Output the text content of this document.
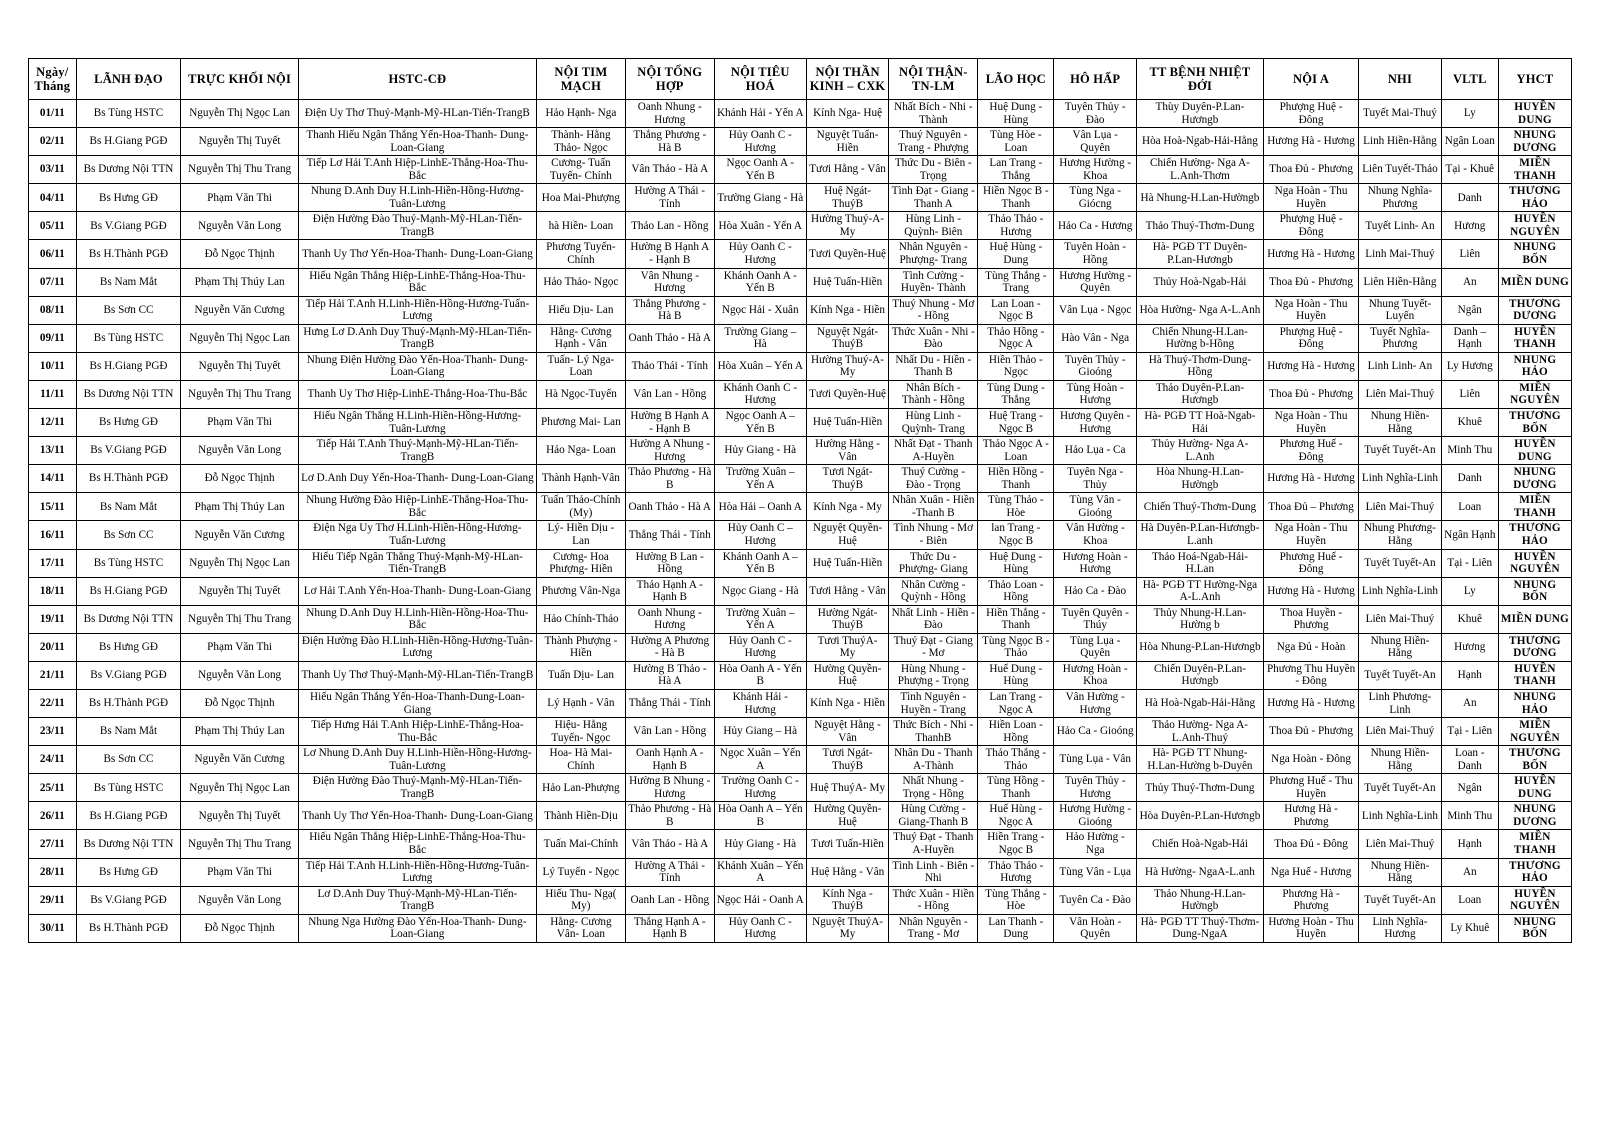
Ngày/ Tháng	LÃNH ĐẠO	TRỰC KHỐI NỘI	HSTC-CĐ	NỘI TIM MẠCH	NỘI TỔNG HỢP	NỘI TIÊU HOÁ	NỘI THẦN KINH – CXK	NỘI THẬN-TN-LM	LÃO HỌC	HÔ HẤP	TT BỆNH NHIỆT ĐỚI	NỘI A	NHI	VLTL	YHCT
01/11	Bs Tùng HSTC	Nguyễn Thị Ngọc Lan	Điện Uy Thơ Thuý-Mạnh-Mỹ-HLan-Tiến-TrangB	Hảo Hạnh- Nga	Oanh Nhung - Hương	Khánh Hải - Yến A	Kính Nga- Huệ	Nhất Bích - Nhi - Thành	Huệ Dung - Hùng	Tuyên Thủy - Đào	Thùy Duyên-P.Lan-Hươngb	Phượng Huệ - Đông	Tuyết Mai-Thuý	Ly	HUYỀN DUNG
02/11	Bs H.Giang PGĐ	Nguyễn Thị Tuyết	Thanh Hiếu Ngân Thắng Yến-Hoa-Thanh- Dung-Loan-Giang	Thành- Hằng Thảo- Ngọc	Thắng Phương - Hà B	Hủy Oanh C - Hương	Nguyệt Tuấn-Hiền	Thuý Nguyên - Trang - Phượng	Tùng Hòe - Loan	Vân Lụa - Quyên	Hòa Hoà-Ngab-Hải-Hằng	Hương Hà - Hương	Linh Hiền-Hằng	Ngân Loan	NHUNG DƯƠNG
03/11	Bs Dương Nội TTN	Nguyễn Thị Thu Trang	Tiếp Lơ Hải T.Anh Hiệp-LinhE-Thắng-Hoa-Thu-Bắc	Cương- Tuấn Tuyến- Chính	Vân Thảo - Hà A	Ngọc Oanh A - Yến B	Tươi Hằng - Vân	Thức Du - Biên - Trọng	Lan Trang - Thắng	Hương Hường - Khoa	Chiến Hường- Nga A-L.Anh-Thơm	Thoa Đủ - Phương	Liên Tuyết-Thảo	Tại - Khuê	MIỀN THANH
04/11	Bs Hưng GĐ	Phạm Văn Thi	Nhung D.Anh Duy H.Linh-Hiền-Hồng-Hương-Tuân-Lương	Hoa Mai-Phượng	Hường A Thái - Tính	Trường Giang - Hà	Huệ Ngát-ThuýB	Tình Đạt - Giang - Thanh A	Hiền Ngọc B - Thanh	Tùng Nga - Giócng	Hà Nhung-H.Lan-Hườngb	Nga Hoàn - Thu Huyền	Nhung Nghĩa-Phương	Danh	THƯƠNG HẢO
05/11	Bs V.Giang PGĐ	Nguyễn Văn Long	Điện Hường Đào Thuý-Mạnh-Mỹ-HLan-Tiến-TrangB	hà Hiền- Loan	Thảo Lan - Hồng	Hòa Xuân - Yến A	Hường Thuý-A- My	Hùng Linh - Quỳnh- Biên	Thảo Thảo - Hương	Hảo Ca - Hương	Thảo Thuý-Thơm-Dung	Phượng Huệ - Đông	Tuyết Linh- An	Hương	HUYỀN NGUYÊN
06/11	Bs H.Thành PGĐ	Đỗ Ngọc Thịnh	Thanh Uy Thơ Yến-Hoa-Thanh- Dung-Loan-Giang	Phương Tuyến-Chính	Hường B Hạnh A - Hạnh B	Hủy Oanh C - Hương	Tươi Quyền-Huệ	Nhân Nguyên - Phượng- Trang	Huệ Hùng - Dung	Tuyên Hoàn - Hồng	Hà- PGĐ TT Duyên-P.Lan-Hươngb	Hương Hà - Hương	Linh Mai-Thuý	Liên	NHUNG BỐN
07/11	Bs Nam Mắt	Phạm Thị Thúy Lan	Hiếu Ngân Thắng Hiệp-LinhE-Thắng-Hoa-Thu-Bắc	Hảo Thảo- Ngọc	Vân Nhung - Hương	Khánh Oanh A - Yến B	Huệ Tuấn-Hiền	Tình Cường - Huyền- Thành	Tùng Thắng - Trang	Hương Hường - Quyên	Thủy Hoà-Ngab-Hải	Thoa Đủ - Phương	Liên Hiền-Hằng	An	MIỀN DUNG
08/11	Bs Sơn CC	Nguyễn Văn Cương	Tiếp Hải T.Anh H.Linh-Hiền-Hồng-Hương-Tuấn-Lương	Hiếu Dịu- Lan	Thắng Phương - Hà B	Ngọc Hải - Xuân	Kính Nga - Hiền	Thuý Nhung - Mơ - Hồng	Lan Loan - Ngọc B	Vân Lụa - Ngọc	Hòa Hường- Nga A-L.Anh	Nga Hoàn - Thu Huyền	Nhung Tuyết-Luyến	Ngân	THƯƠNG DƯƠNG
09/11	Bs Tùng HSTC	Nguyễn Thị Ngọc Lan	Hưng Lơ D.Anh Duy Thuý-Mạnh-Mỹ-HLan-Tiến-TrangB	Hằng- Cương Hạnh - Vân	Oanh Thảo - Hà A	Trường Giang – Hà	Nguyệt Ngát-ThuýB	Thức Xuân - Nhi - Đào	Thảo Hồng - Ngọc A	Hào Vân - Nga	Chiến Nhung-H.Lan-Hường b-Hồng	Phượng Huệ - Đông	Tuyết Nghĩa-Phương	Danh – Hạnh	HUYỀN THANH
10/11	Bs H.Giang PGĐ	Nguyễn Thị Tuyết	Nhung Điện Hường Đào Yến-Hoa-Thanh- Dung-Loan-Giang	Tuấn- Lý Nga-Loan	Thảo Thái - Tính	Hòa Xuân – Yến A	Hường Thuý-A- My	Nhất Du - Hiền - Thanh B	Hiền Thảo - Ngọc	Tuyên Thủy - Gioóng	Hà Thuý-Thơm-Dung-Hồng	Hương Hà - Hương	Linh Linh- An	Ly Hương	NHUNG HẢO
11/11	Bs Dương Nội TTN	Nguyễn Thị Thu Trang	Thanh Uy Thơ Hiệp-LinhE-Thắng-Hoa-Thu-Bắc	Hà Ngọc-Tuyến	Vân Lan - Hồng	Khánh Oanh C - Hương	Tươi Quyền-Huệ	Nhân Bích - Thành - Hồng	Tùng Dung - Thắng	Tùng Hoàn - Hương	Thảo Duyên-P.Lan-Hươngb	Thoa Đủ - Phương	Liên Mai-Thuý	Liên	MIỀN NGUYÊN
12/11	Bs Hưng GĐ	Phạm Văn Thi	Hiếu Ngân Thắng H.Linh-Hiền-Hồng-Hương-Tuân-Lương	Phương Mai- Lan	Hường B Hạnh A - Hạnh B	Ngọc Oanh A – Yến B	Huệ Tuấn-Hiền	Hùng Linh - Quỳnh- Trang	Huệ Trang - Ngọc B	Hương Quyên - Hương	Hà- PGĐ TT Hoà-Ngab-Hải	Nga Hoàn - Thu Huyền	Nhung Hiền-Hằng	Khuê	THƯƠNG BỐN
13/11	Bs V.Giang PGĐ	Nguyễn Văn Long	Tiếp Hải T.Anh Thuý-Mạnh-Mỹ-HLan-Tiến-TrangB	Hảo Nga- Loan	Hường A Nhung - Hương	Hủy Giang - Hà	Hường Hằng -Vân	Nhất Đạt - Thanh A-Huyền	Thảo Ngọc A - Loan	Hảo Lụa - Ca	Thủy Hường- Nga A-L.Anh	Phương Huế - Đông	Tuyết Tuyết-An	Minh Thu	HUYỀN DUNG
14/11	Bs H.Thành PGĐ	Đỗ Ngọc Thịnh	Lơ D.Anh Duy Yến-Hoa-Thanh- Dung-Loan-Giang	Thành Hạnh-Vân	Thảo Phương - Hà B	Trường Xuân – Yến A	Tươi Ngát-ThuýB	Thuý Cường - Đào - Trọng	Hiền Hồng - Thanh	Tuyên Nga - Thủy	Hòa Nhung-H.Lan-Hườngb	Hương Hà - Hương	Linh Nghĩa-Linh	Danh	NHUNG DƯƠNG
15/11	Bs Nam Mắt	Phạm Thị Thúy Lan	Nhung Hường Đào Hiệp-LinhE-Thắng-Hoa-Thu-Bắc	Tuấn Thảo-Chính (My)	Oanh Thảo - Hà A	Hòa Hải – Oanh A	Kính Nga - My	Nhân Xuân - Hiền -Thanh B	Tùng Thảo - Hòe	Tùng Vân - Gioóng	Chiến Thuý-Thơm-Dung	Thoa Đủ – Phương	Liên Mai-Thuý	Loan	MIỀN THANH
16/11	Bs Sơn CC	Nguyễn Văn Cương	Điện Nga Uy Thơ H.Linh-Hiền-Hồng-Hương-Tuấn-Lương	Lý- Hiền Dịu - Lan	Thắng Thái - Tính	Hủy Oanh C – Hương	Nguyệt Quyền- Huệ	Tình Nhung - Mơ - Biên	lan Trang - Ngọc B	Vân Hường - Khoa	Hà Duyên-P.Lan-Hươngb-L.anh	Nga Hoàn - Thu Huyền	Nhung Phương-Hằng	Ngân Hạnh	THƯƠNG HẢO
17/11	Bs Tùng HSTC	Nguyễn Thị Ngọc Lan	Hiếu Tiếp Ngân Thắng Thuý-Mạnh-Mỹ-HLan-Tiến-TrangB	Cương- Hoa Phượng- Hiền	Hường B Lan - Hồng	Khánh Oanh A – Yến B	Huệ Tuấn-Hiền	Thức Du - Phượng- Giang	Huệ Dung - Hùng	Hương Hoàn - Hương	Thảo Hoá-Ngab-Hải-H.Lan	Phương Huế - Đông	Tuyết Tuyết-An	Tại - Liên	HUYỀN NGUYÊN
18/11	Bs H.Giang PGĐ	Nguyễn Thị Tuyết	Lơ Hải T.Anh Yến-Hoa-Thanh- Dung-Loan-Giang	Phương Vân-Nga	Thảo Hạnh A - Hạnh B	Ngọc Giang - Hà	Tươi Hằng - Vân	Nhân Cường - Quỳnh - Hồng	Thảo Loan - Hồng	Hảo Ca - Đào	Hà- PGĐ TT Hường-Nga A-L.Anh	Hương Hà - Hương	Linh Nghĩa-Linh	Ly	NHUNG BỐN
19/11	Bs Dương Nội TTN	Nguyễn Thị Thu Trang	Nhung D.Anh Duy H.Linh-Hiền-Hồng-Hoa-Thu-Bắc	Hảo Chính-Thảo	Oanh Nhung - Hương	Trường Xuân – Yến A	Hường Ngát-ThuýB	Nhất Linh - Hiền - Đào	Hiền Thắng - Thanh	Tuyên Quyên - Thúy	Thủy Nhung-H.Lan-Hường b	Thoa Huyền - Phương	Liên Mai-Thuý	Khuê	MIỀN DUNG
20/11	Bs Hưng GĐ	Phạm Văn Thi	Điện Hường Đào H.Linh-Hiền-Hồng-Hương-Tuân-Lương	Thành Phượng - Hiền	Hường A Phương - Hà B	Hủy Oanh C - Hương	Tươi ThuýA- My	Thuý Đạt - Giang - Mơ	Tùng Ngọc B - Thảo	Tùng Lụa - Quyên	Hòa Nhung-P.Lan-Hươngb	Nga Đủ - Hoàn	Nhung Hiền-Hằng	Hương	THƯƠNG DƯƠNG
21/11	Bs V.Giang PGĐ	Nguyễn Văn Long	Thanh Uy Thơ Thuý-Mạnh-Mỹ-HLan-Tiến-TrangB	Tuấn Dịu- Lan	Hường B Thảo - Hà A	Hòa Oanh A - Yến B	Hường Quyền- Huệ	Hùng Nhung - Phượng - Trọng	Huế Dung - Hùng	Hương Hoàn - Khoa	Chiến Duyên-P.Lan-Hươngb	Phương Thu Huyền - Đông	Tuyết Tuyết-An	Hạnh	HUYỀN THANH
22/11	Bs H.Thành PGĐ	Đỗ Ngọc Thịnh	Hiếu Ngân Thắng Yến-Hoa-Thanh-Dung-Loan-Giang	Lý Hạnh - Vân	Thắng Thái - Tính	Khánh Hải - Hương	Kính Nga - Hiền	Tình Nguyên - Huyền - Trang	Lan Trang - Ngọc A	Vân Hường - Hương	Hà Hoà-Ngab-Hải-Hằng	Hương Hà - Hương	Linh Phương-Linh	An	NHUNG HẢO
23/11	Bs Nam Mắt	Phạm Thị Thúy Lan	Tiếp Hưng Hải T.Anh Hiệp-LinhE-Thắng-Hoa-Thu-Bắc	Hiệu- Hằng Tuyến- Ngọc	Vân Lan - Hồng	Hủy Giang – Hà	Nguyệt Hằng -Vân	Thức Bích - Nhi - ThanhB	Hiền Loan - Hồng	Hảo Ca - Gioóng	Thảo Hường- Nga A-L.Anh-Thuý	Thoa Đủ - Phương	Liên Mai-Thuý	Tại - Liên	MIỀN NGUYÊN
24/11	Bs Sơn CC	Nguyễn Văn Cương	Lơ Nhung D.Anh Duy H.Linh-Hiền-Hồng-Hương-Tuân-Lương	Hoa- Hà Mai-Chính	Oanh Hạnh A - Hạnh B	Ngọc Xuân – Yến A	Tươi Ngát-ThuýB	Nhân Du - Thanh A-Thành	Thảo Thắng - Thảo	Tùng Lụa - Vân	Hà- PGĐ TT Nhung-H.Lan-Hường b-Duyên	Nga Hoàn - Đông	Nhung Hiền-Hằng	Loan - Danh	THƯƠNG BỐN
25/11	Bs Tùng HSTC	Nguyễn Thị Ngọc Lan	Điện Hường Đào Thuý-Mạnh-Mỹ-HLan-Tiến-TrangB	Hảo Lan-Phượng	Hường B Nhung - Hương	Trường Oanh C - Hương	Huệ ThuýA- My	Nhất Nhung - Trọng - Hồng	Tùng Hồng - Thanh	Tuyên Thủy - Hương	Thủy Thuý-Thơm-Dung	Phương Huế - Thu Huyền	Tuyết Tuyết-An	Ngân	HUYỀN DUNG
26/11	Bs H.Giang PGĐ	Nguyễn Thị Tuyết	Thanh Uy Thơ Yến-Hoa-Thanh- Dung-Loan-Giang	Thành Hiền-Dịu	Thảo Phương - Hà B	Hòa Oanh A – Yến B	Hường Quyền- Huệ	Hùng Cường - Giang-Thanh B	Huế Hùng - Ngọc A	Hương Hường - Gioóng	Hòa Duyên-P.Lan-Hươngb	Hương Hà - Phương	Linh Nghĩa-Linh	Minh Thu	NHUNG DƯƠNG
27/11	Bs Dương Nội TTN	Nguyễn Thị Thu Trang	Hiếu Ngân Thắng Hiệp-LinhE-Thắng-Hoa-Thu-Bắc	Tuấn Mai-Chính	Vân Thảo - Hà A	Hủy Giang - Hà	Tươi Tuấn-Hiền	Thuý Đạt - Thanh A-Huyền	Hiền Trang - Ngọc B	Hảo Hường - Nga	Chiến Hoà-Ngab-Hải	Thoa Đủ - Đông	Liên Mai-Thuý	Hạnh	MIỀN THANH
28/11	Bs Hưng GĐ	Phạm Văn Thi	Tiếp Hải T.Anh H.Linh-Hiền-Hồng-Hương-Tuân-Lương	Lý Tuyến - Ngọc	Hường A Thái - Tính	Khánh Xuân – Yến A	Huệ Hằng - Vân	Tình Linh - Biên - Nhi	Thảo Thảo - Hương	Tùng Vân - Lụa	Hà Hường- NgaA-L.anh	Nga Huế - Hương	Nhung Hiền-Hằng	An	THƯƠNG HẢO
29/11	Bs V.Giang PGĐ	Nguyễn Văn Long	Lơ D.Anh Duy Thuý-Mạnh-Mỹ-HLan-Tiến-TrangB	Hiếu Thu- Ngạ( My)	Oanh Lan - Hồng	Ngọc Hải - Oanh A	Kính Nga - ThuýB	Thức Xuân - Hiền - Hồng	Tùng Thắng - Hòe	Tuyên Ca - Đào	Thảo Nhung-H.Lan-Hườngb	Phương Hà - Phương	Tuyết Tuyết-An	Loan	HUYỀN NGUYÊN
30/11	Bs H.Thành PGĐ	Đỗ Ngọc Thịnh	Nhung Nga Hường Đào Yến-Hoa-Thanh- Dung-Loan-Giang	Hằng- Cương Vân- Loan	Thắng Hạnh A - Hạnh B	Hủy Oanh C - Hương	Nguyệt ThuýA- My	Nhân Nguyên - Trang - Mơ	Lan Thanh - Dung	Vân Hoàn - Quyên	Hà- PGĐ TT Thuý-Thơm-Dung-NgaA	Hương Hoàn - Thu Huyền	Linh Nghĩa-Hương	Ly Khuê	NHUNG BỐN
